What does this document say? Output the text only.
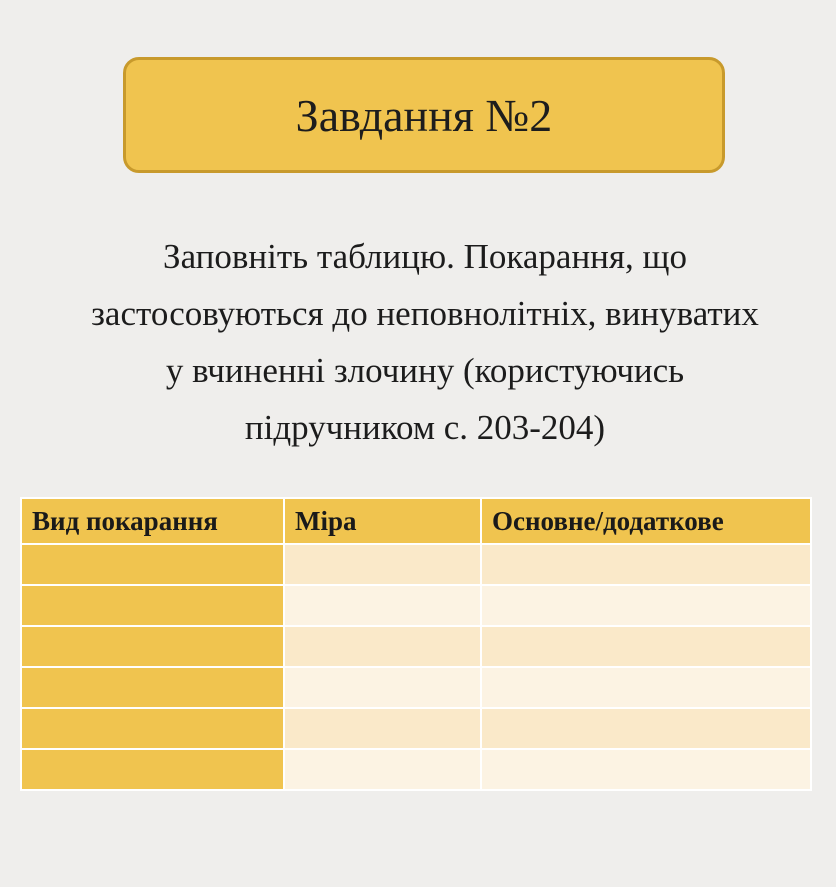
Завдання №2
Заповніть таблицю. Покарання, що
застосовуються до неповнолітніх, винуватих
у вчиненні злочину (користуючись
підручником с. 203-204)
Вид покарання	Міра	Основне/додаткове
